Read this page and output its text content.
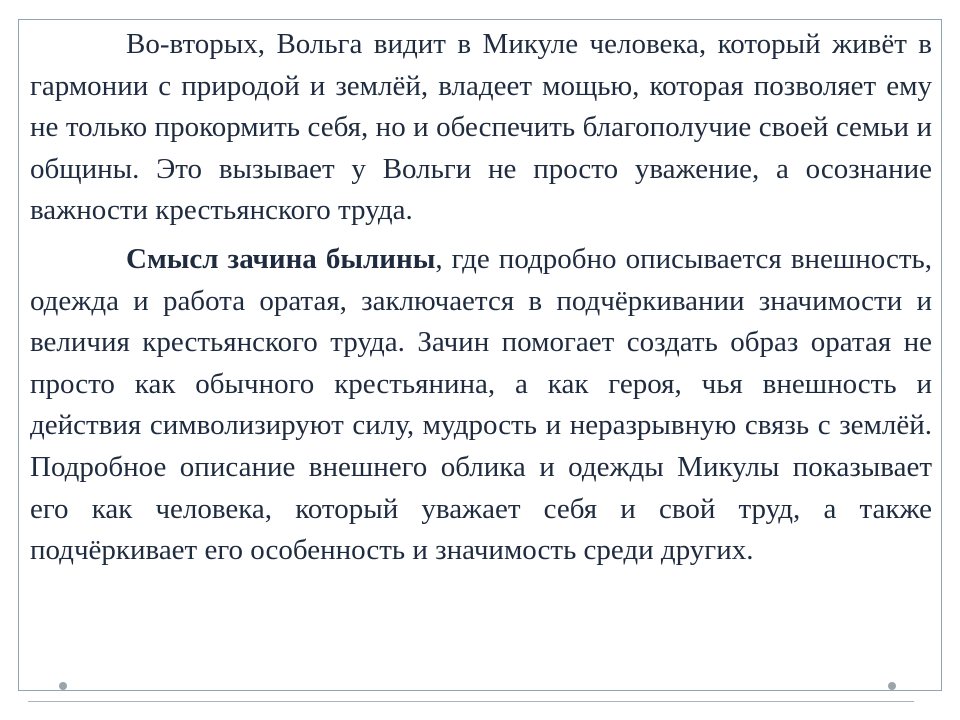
Во-вторых, Вольга видит в Микуле человека, который живёт в гармонии с природой и землёй, владеет мощью, которая позволяет ему не только прокормить себя, но и обеспечить благополучие своей семьи и общины. Это вызывает у Вольги не просто уважение, а осознание важности крестьянского труда.

Смысл зачина былины, где подробно описывается внешность, одежда и работа оратая, заключается в подчёркивании значимости и величия крестьянского труда. Зачин помогает создать образ оратая не просто как обычного крестьянина, а как героя, чья внешность и действия символизируют силу, мудрость и неразрывную связь с землёй. Подробное описание внешнего облика и одежды Микулы показывает его как человека, который уважает себя и свой труд, а также подчёркивает его особенность и значимость среди других.
